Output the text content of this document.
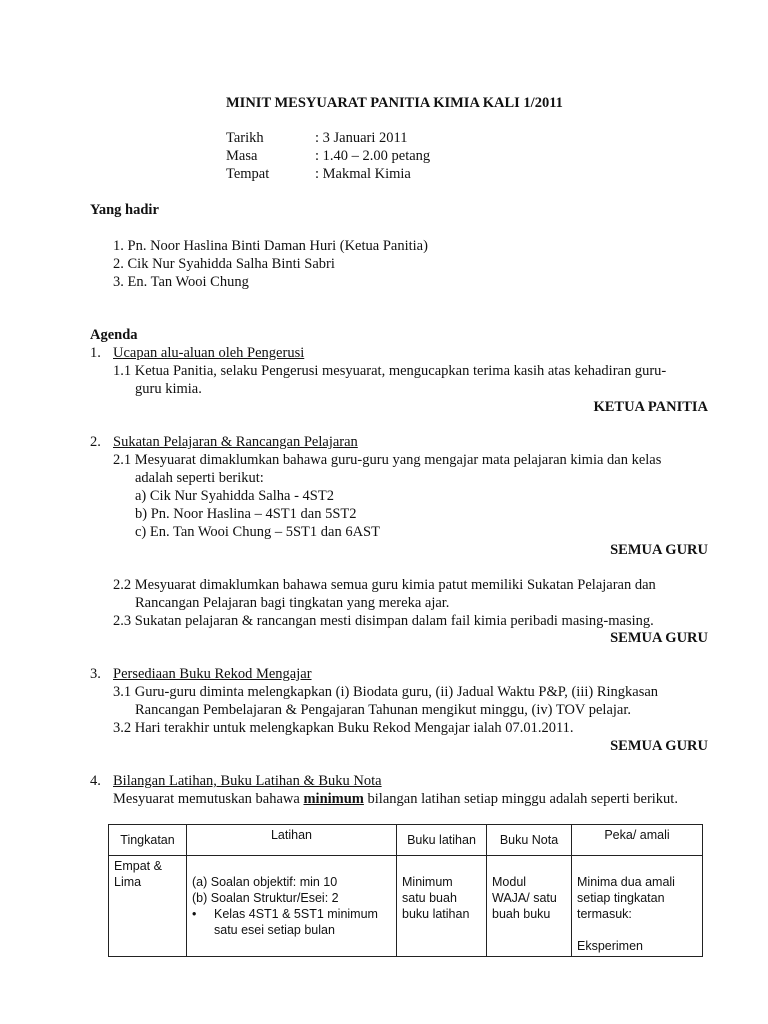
MINIT MESYUARAT PANITIA KIMIA KALI 1/2011
Tarikh	: 3 Januari 2011
Masa	: 1.40 – 2.00 petang
Tempat	: Makmal Kimia
Yang hadir
1. Pn. Noor Haslina Binti Daman Huri (Ketua Panitia)
2. Cik Nur Syahidda Salha Binti Sabri
3. En. Tan Wooi Chung
Agenda
1. Ucapan alu-aluan oleh Pengerusi
1.1 Ketua Panitia, selaku Pengerusi mesyuarat, mengucapkan terima kasih atas kehadiran guru-
guru kimia.
KETUA PANITIA
2. Sukatan Pelajaran & Rancangan Pelajaran
2.1 Mesyuarat dimaklumkan bahawa guru-guru yang mengajar mata pelajaran kimia dan kelas
adalah seperti berikut:
a) Cik Nur Syahidda Salha - 4ST2
b) Pn. Noor Haslina – 4ST1 dan 5ST2
c) En. Tan Wooi Chung – 5ST1 dan 6AST
SEMUA GURU
2.2 Mesyuarat dimaklumkan bahawa semua guru kimia patut memiliki Sukatan Pelajaran dan
Rancangan Pelajaran bagi tingkatan yang mereka ajar.
2.3 Sukatan pelajaran & rancangan mesti disimpan dalam fail kimia peribadi masing-masing.
SEMUA GURU
3. Persediaan Buku Rekod Mengajar
3.1 Guru-guru diminta melengkapkan (i) Biodata guru, (ii) Jadual Waktu P&P, (iii) Ringkasan
Rancangan Pembelajaran & Pengajaran Tahunan mengikut minggu, (iv) TOV pelajar.
3.2 Hari terakhir untuk melengkapkan Buku Rekod Mengajar ialah 07.01.2011.
SEMUA GURU
4. Bilangan Latihan, Buku Latihan & Buku Nota
Mesyuarat memutuskan bahawa minimum bilangan latihan setiap minggu adalah seperti berikut.
Tingkatan	Latihan	Buku latihan	Buku Nota	Peka/ amali

Empat &
Lima	(a) Soalan objektif: min 10
(b) Soalan Struktur/Esei: 2
• Kelas 4ST1 & 5ST1 minimum
satu esei setiap bulan	Minimum
satu buah
buku latihan	Modul
WAJA/ satu
buah buku	Minima dua amali
setiap tingkatan
termasuk:
Eksperimen
